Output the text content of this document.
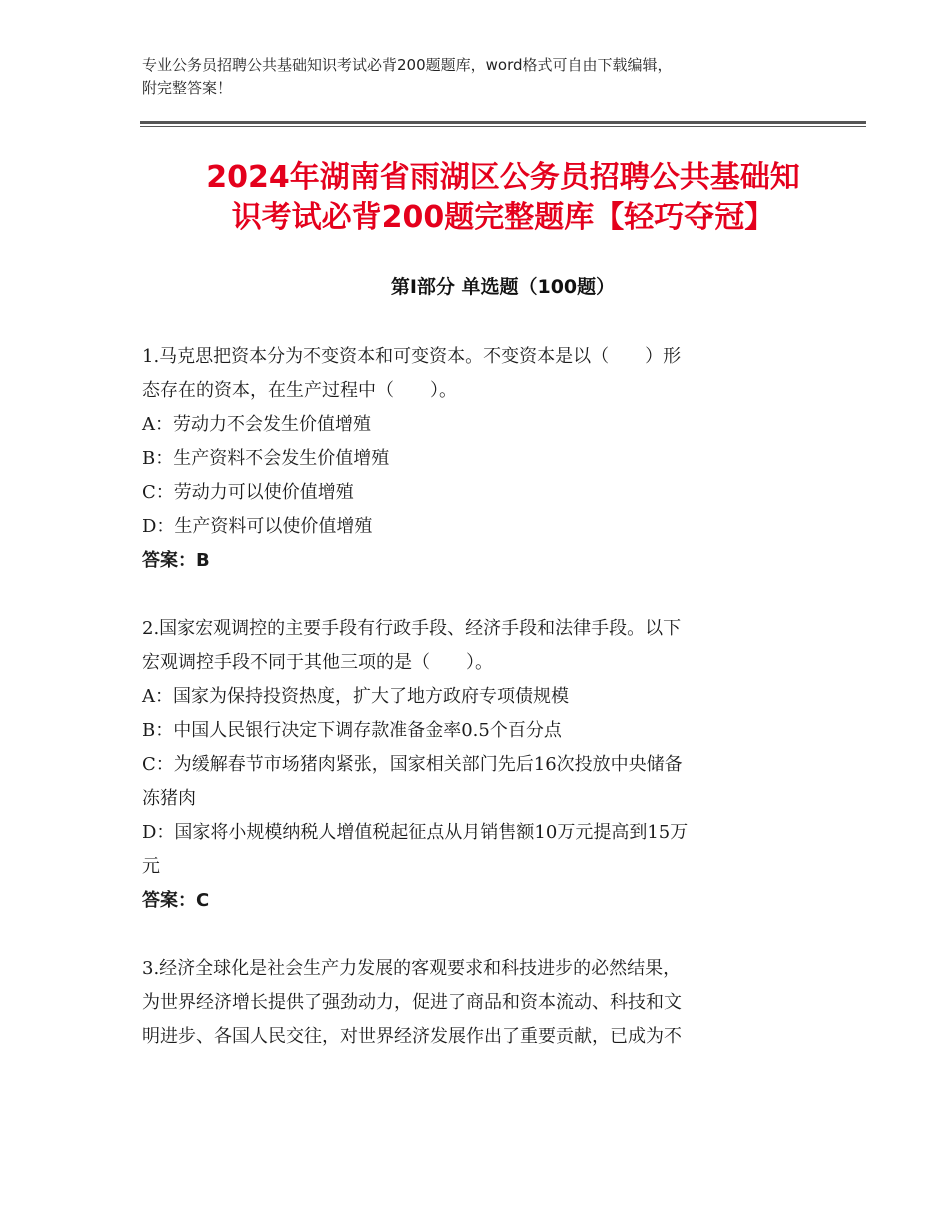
专业公务员招聘公共基础知识考试必背200题题库，word格式可自由下载编辑，
附完整答案！
2024年湖南省雨湖区公务员招聘公共基础知
识考试必背200题完整题库【轻巧夺冠】
第Ⅰ部分 单选题（100题）
1.马克思把资本分为不变资本和可变资本。不变资本是以（　　）形
态存在的资本，在生产过程中（　　）。
A：劳动力不会发生价值增殖
B：生产资料不会发生价值增殖
C：劳动力可以使价值增殖
D：生产资料可以使价值增殖
答案：B
2.国家宏观调控的主要手段有行政手段、经济手段和法律手段。以下
宏观调控手段不同于其他三项的是（　　）。
A：国家为保持投资热度，扩大了地方政府专项债规模
B：中国人民银行决定下调存款准备金率0.5个百分点
C：为缓解春节市场猪肉紧张，国家相关部门先后16次投放中央储备
冻猪肉
D：国家将小规模纳税人增值税起征点从月销售额10万元提高到15万
元
答案：C
3.经济全球化是社会生产力发展的客观要求和科技进步的必然结果，
为世界经济增长提供了强劲动力，促进了商品和资本流动、科技和文
明进步、各国人民交往，对世界经济发展作出了重要贡献，已成为不
